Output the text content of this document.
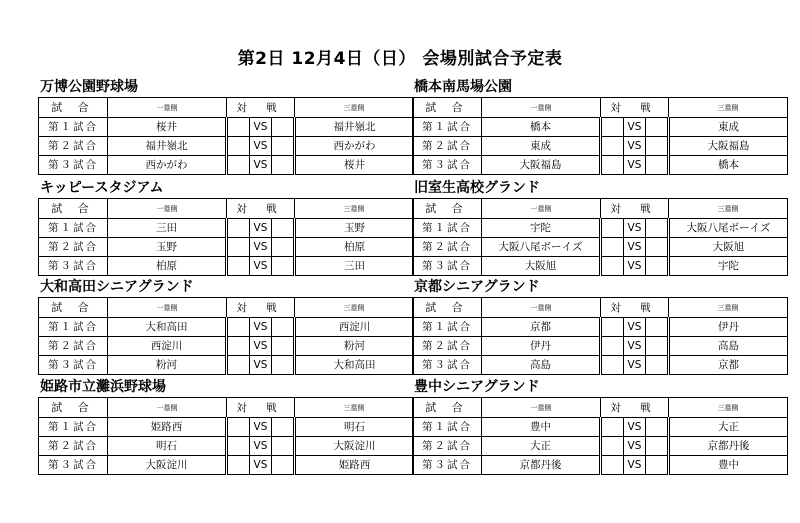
第2日 12月4日（日） 会場別試合予定表
万博公園野球場
試 合	一塁側	対 戦			三塁側
第１試合	桜井		VS		福井嶺北
第２試合	福井嶺北		VS		西かがわ
第３試合	西かがわ		VS		桜井
橋本南馬場公園
試 合	一塁側	対 戦			三塁側
第１試合	橋本		VS		東成
第２試合	東成		VS		大阪福島
第３試合	大阪福島		VS		橋本
キッピースタジアム
試 合	一塁側	対 戦			三塁側
第１試合	三田		VS		玉野
第２試合	玉野		VS		柏原
第３試合	柏原		VS		三田
旧室生高校グランド
試 合	一塁側	対 戦			三塁側
第１試合	宇陀		VS		大阪八尾ボーイズ
第２試合	大阪八尾ボーイズ		VS		大阪旭
第３試合	大阪旭		VS		宇陀
大和高田シニアグランド
試 合	一塁側	対 戦			三塁側
第１試合	大和高田		VS		西淀川
第２試合	西淀川		VS		粉河
第３試合	粉河		VS		大和高田
京都シニアグランド
試 合	一塁側	対 戦			三塁側
第１試合	京都		VS		伊丹
第２試合	伊丹		VS		高島
第３試合	高島		VS		京都
姫路市立灘浜野球場
試 合	一塁側	対 戦			三塁側
第１試合	姫路西		VS		明石
第２試合	明石		VS		大阪淀川
第３試合	大阪淀川		VS		姫路西
豊中シニアグランド
試 合	一塁側	対 戦			三塁側
第１試合	豊中		VS		大正
第２試合	大正		VS		京都丹後
第３試合	京都丹後		VS		豊中
